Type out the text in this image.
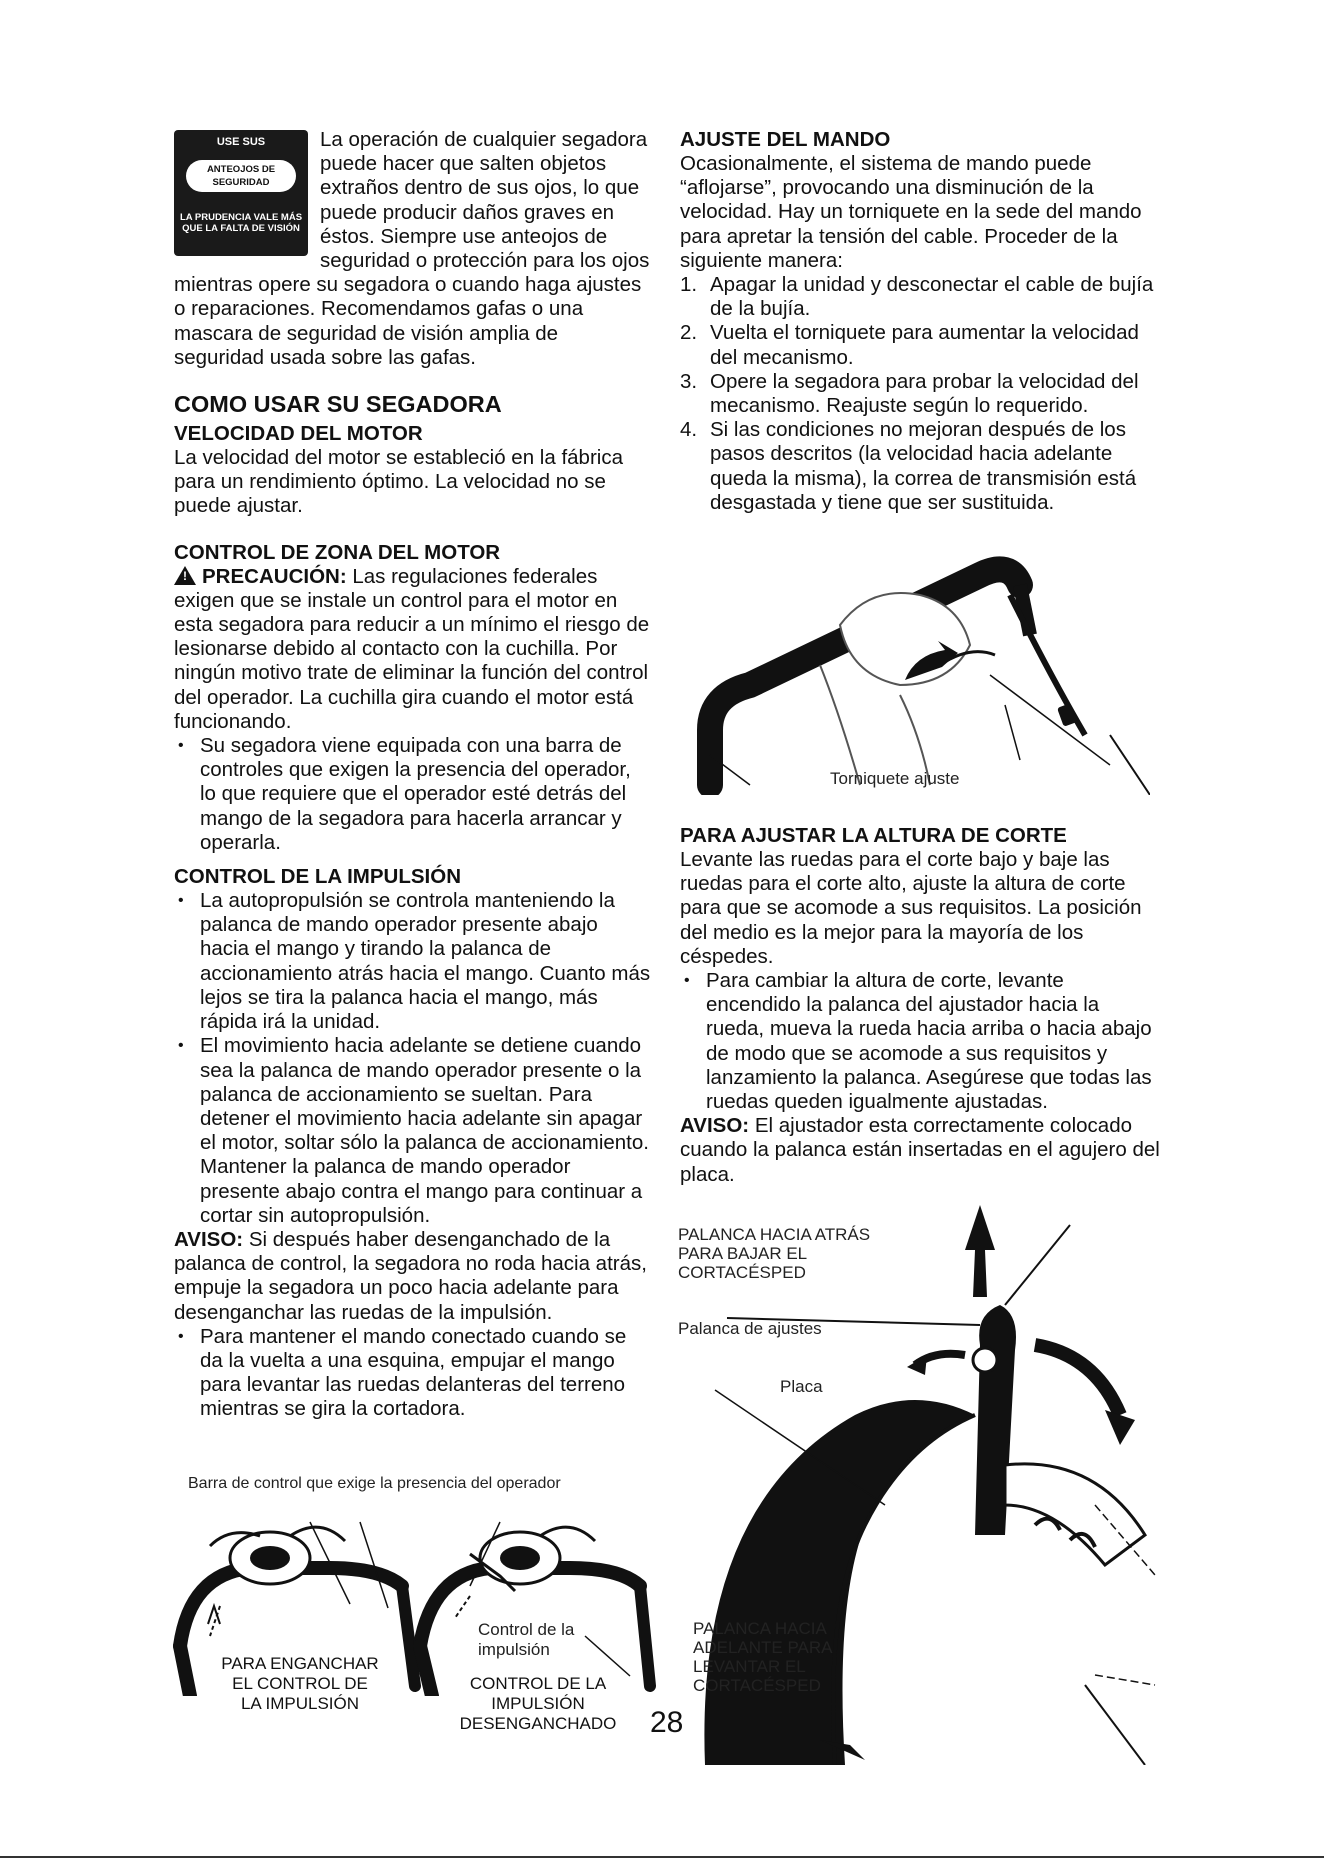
USE SUS
ANTEOJOS DE SEGURIDAD
LA PRUDENCIA VALE MÁS QUE LA FALTA DE VISIÓN

La operación de cualquier segadora puede hacer que salten objetos extraños dentro de sus ojos, lo que puede producir daños graves en éstos. Siempre use anteojos de seguridad o protección para los ojos mientras opere su segadora o cuando haga ajustes o reparaciones. Recomendamos gafas o una mascara de seguridad de visión amplia de seguridad usada sobre las gafas.

COMO USAR SU SEGADORA

VELOCIDAD DEL MOTOR

La velocidad del motor se estableció en la fábrica para un rendimiento óptimo. La velocidad no se puede ajustar.

CONTROL DE ZONA DEL MOTOR

! PRECAUCIÓN: Las regulaciones federales exigen que se instale un control para el motor en esta segadora para reducir a un mínimo el riesgo de lesionarse debido al contacto con la cuchilla. Por ningún motivo trate de eliminar la función del control del operador. La cuchilla gira cuando el motor está funcionando.

• Su segadora viene equipada con una barra de controles que exigen la presencia del operador, lo que requiere que el operador esté detrás del mango de la segadora para hacerla arrancar y operarla.

CONTROL DE LA IMPULSIÓN

• La autopropulsión se controla manteniendo la palanca de mando operador presente abajo hacia el mango y tirando la palanca de accionamiento atrás hacia el mango. Cuanto más lejos se tira la palanca hacia el mango, más rápida irá la unidad.
• El movimiento hacia adelante se detiene cuando sea la palanca de mando operador presente o la palanca de accionamiento se sueltan. Para detener el movimiento hacia adelante sin apagar el motor, soltar sólo la palanca de accionamiento. Mantener la palanca de mando operador presente abajo contra el mango para continuar a cortar sin autopropulsión.

AVISO: Si después haber desenganchado de la palanca de control, la segadora no roda hacia atrás, empuje la segadora un poco hacia adelante para desenganchar las ruedas de la impulsión.

• Para mantener el mando conectado cuando se da la vuelta a una esquina, empujar el mango para levantar las ruedas delanteras del terreno mientras se gira la cortadora.
Barra de control que exige la presencia del operador
Control de la impulsión
PARA ENGANCHAR EL CONTROL DE LA IMPULSIÓN
CONTROL DE LA IMPULSIÓN DESENGANCHADO

AJUSTE DEL MANDO

Ocasionalmente, el sistema de mando puede “aflojarse”, provocando una disminución de la velocidad. Hay un torniquete en la sede del mando para apretar la tensión del cable. Proceder de la siguiente manera:

1. Apagar la unidad y desconectar el cable de bujía de la bujía.
2. Vuelta el torniquete para aumentar la velocidad del mecanismo.
3. Opere la segadora para probar la velocidad del mecanismo. Reajuste según lo requerido.
4. Si las condiciones no mejoran después de los pasos descritos (la velocidad hacia adelante queda la misma), la correa de transmisión está desgastada y tiene que ser sustituida.
Torniquete ajuste

PARA AJUSTAR LA ALTURA DE CORTE

Levante las ruedas para el corte bajo y baje las ruedas para el corte alto, ajuste la altura de corte para que se acomode a sus requisitos. La posición del medio es la mejor para la mayoría de los céspedes.

• Para cambiar la altura de corte, levante encendido la palanca del ajustador hacia la rueda, mueva la rueda hacia arriba o hacia abajo de modo que se acomode a sus requisitos y lanzamiento la palanca. Asegúrese que todas las ruedas queden igualmente ajustadas.

AVISO: El ajustador esta correctamente colocado cuando la palanca están insertadas en el agujero del placa.

PALANCA HACIA ATRÁS PARA BAJAR EL CORTACÉSPED
Palanca de ajustes
Placa
PALANCA HACIA ADELANTE PARA LEVANTAR EL CORTACÉSPED
28
